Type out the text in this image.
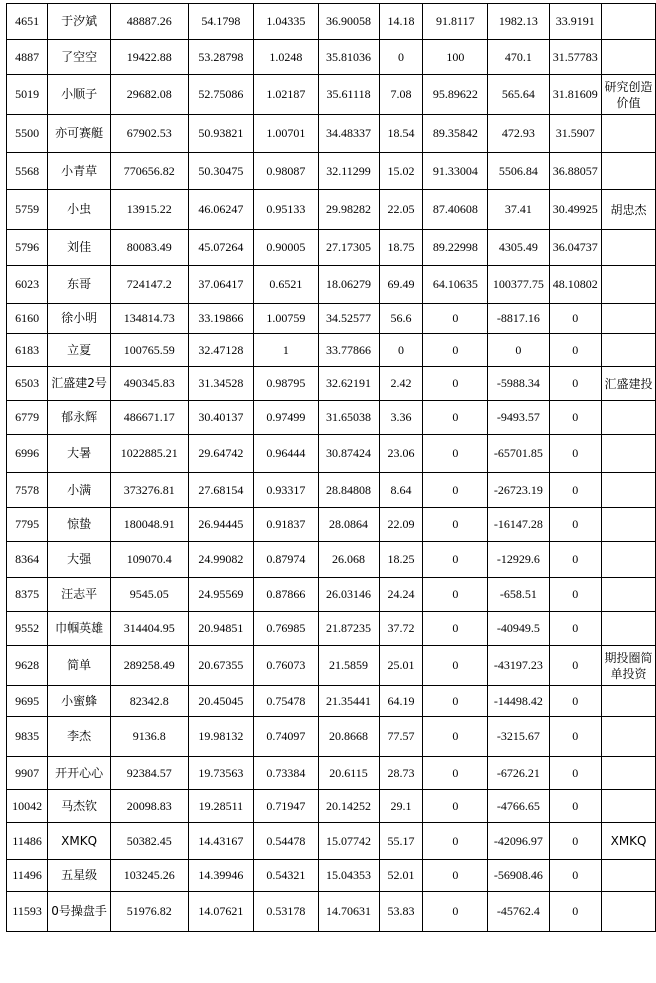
4651	于汐斌	48887.26	54.1798	1.04335	36.90058	14.18	91.8117	1982.13	33.9191	
4887	了空空	19422.88	53.28798	1.0248	35.81036	0	100	470.1	31.57783	
5019	小顺子	29682.08	52.75086	1.02187	35.61118	7.08	95.89622	565.64	31.81609	研究创造价值
5500	亦可赛艇	67902.53	50.93821	1.00701	34.48337	18.54	89.35842	472.93	31.5907	
5568	小青草	770656.82	50.30475	0.98087	32.11299	15.02	91.33004	5506.84	36.88057	
5759	小虫	13915.22	46.06247	0.95133	29.98282	22.05	87.40608	37.41	30.49925	胡忠杰
5796	刘佳	80083.49	45.07264	0.90005	27.17305	18.75	89.22998	4305.49	36.04737	
6023	东哥	724147.2	37.06417	0.6521	18.06279	69.49	64.10635	100377.75	48.10802	
6160	徐小明	134814.73	33.19866	1.00759	34.52577	56.6	0	-8817.16	0	
6183	立夏	100765.59	32.47128	1	33.77866	0	0	0	0	
6503	汇盛建2号	490345.83	31.34528	0.98795	32.62191	2.42	0	-5988.34	0	汇盛建投
6779	郁永辉	486671.17	30.40137	0.97499	31.65038	3.36	0	-9493.57	0	
6996	大暑	1022885.21	29.64742	0.96444	30.87424	23.06	0	-65701.85	0	
7578	小满	373276.81	27.68154	0.93317	28.84808	8.64	0	-26723.19	0	
7795	惊蛰	180048.91	26.94445	0.91837	28.0864	22.09	0	-16147.28	0	
8364	大强	109070.4	24.99082	0.87974	26.068	18.25	0	-12929.6	0	
8375	汪志平	9545.05	24.95569	0.87866	26.03146	24.24	0	-658.51	0	
9552	巾帼英雄	314404.95	20.94851	0.76985	21.87235	37.72	0	-40949.5	0	
9628	简单	289258.49	20.67355	0.76073	21.5859	25.01	0	-43197.23	0	期投圈简单投资
9695	小蜜蜂	82342.8	20.45045	0.75478	21.35441	64.19	0	-14498.42	0	
9835	李杰	9136.8	19.98132	0.74097	20.8668	77.57	0	-3215.67	0	
9907	开开心心	92384.57	19.73563	0.73384	20.6115	28.73	0	-6726.21	0	
10042	马杰钦	20098.83	19.28511	0.71947	20.14252	29.1	0	-4766.65	0	
11486	XMKQ	50382.45	14.43167	0.54478	15.07742	55.17	0	-42096.97	0	XMKQ
11496	五星级	103245.26	14.39946	0.54321	15.04353	52.01	0	-56908.46	0	
11593	0号操盘手	51976.82	14.07621	0.53178	14.70631	53.83	0	-45762.4	0	
